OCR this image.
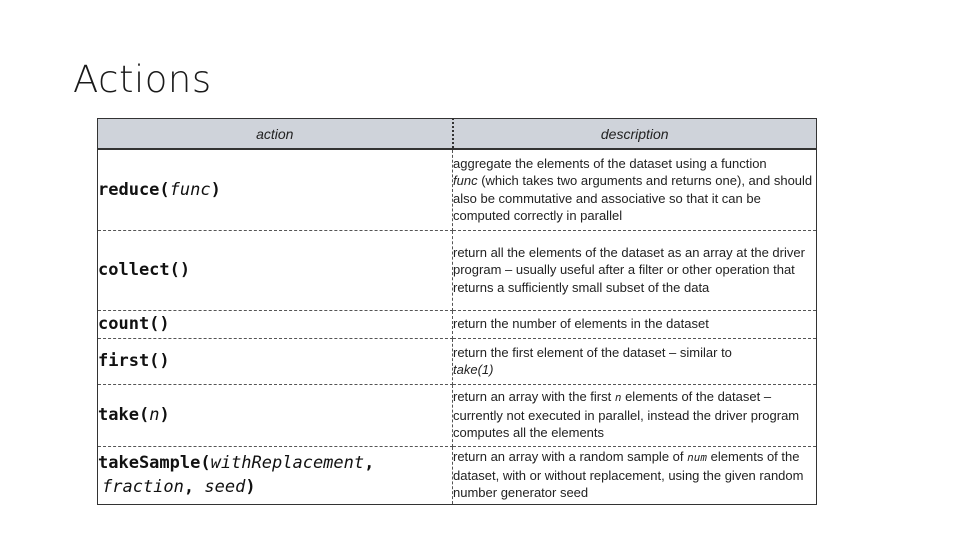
Actions
action	description
reduce(func)	aggregate the elements of the dataset using a function
func (which takes two arguments and returns one), and should also be commutative and associative so that it can be computed correctly in parallel
collect()	return all the elements of the dataset as an array at the driver program – usually useful after a filter or other operation that returns a sufficiently small subset of the data
count()	return the number of elements in the dataset
first()	return the first element of the dataset – similar to
take(1)
take(n)	return an array with the first n elements of the dataset – currently not executed in parallel, instead the driver program computes all the elements
takeSample(withReplacement,
fraction, seed)	return an array with a random sample of num elements of the dataset, with or without replacement, using the given random number generator seed
